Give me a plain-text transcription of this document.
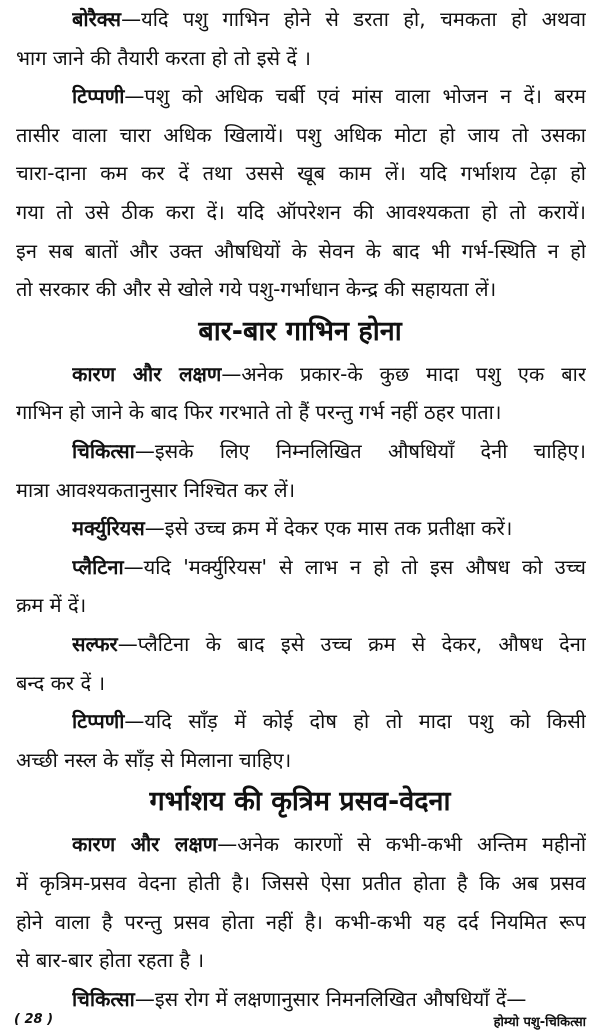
बोरैक्स—यदि पशु गाभिन होने से डरता हो, चमकता हो अथवा
भाग जाने की तैयारी करता हो तो इसे दें ।
टिप्पणी—पशु को अधिक चर्बी एवं मांस वाला भोजन न दें। बरम
तासीर वाला चारा अधिक खिलायें। पशु अधिक मोटा हो जाय तो उसका
चारा-दाना कम कर दें तथा उससे खूब काम लें। यदि गर्भाशय टेढ़ा हो
गया तो उसे ठीक करा दें। यदि ऑपरेशन की आवश्यकता हो तो करायें।
इन सब बातों और उक्त औषधियों के सेवन के बाद भी गर्भ-स्थिति न हो
तो सरकार की और से खोले गये पशु-गर्भाधान केन्द्र की सहायता लें।
बार-बार गाभिन होना
कारण और लक्षण—अनेक प्रकार-के कुछ मादा पशु एक बार
गाभिन हो जाने के बाद फिर गरभाते तो हैं परन्तु गर्भ नहीं ठहर पाता।
चिकित्सा—इसके लिए निम्नलिखित औषधियाँ देनी चाहिए।
मात्रा आवश्यकतानुसार निश्चित कर लें।
मर्क्युरियस—इसे उच्च क्रम में देकर एक मास तक प्रतीक्षा करें।
प्लैटिना—यदि 'मर्क्युरियस' से लाभ न हो तो इस औषध को उच्च
क्रम में दें।
सल्फर—प्लैटिना के बाद इसे उच्च क्रम से देकर, औषध देना
बन्द कर दें ।
टिप्पणी—यदि साँड़ में कोई दोष हो तो मादा पशु को किसी
अच्छी नस्ल के साँड़ से मिलाना चाहिए।
गर्भाशय की कृत्रिम प्रसव-वेदना
कारण और लक्षण—अनेक कारणों से कभी-कभी अन्तिम महीनों
में कृत्रिम-प्रसव वेदना होती है। जिससे ऐसा प्रतीत होता है कि अब प्रसव
होने वाला है परन्तु प्रसव होता नहीं है। कभी-कभी यह दर्द नियमित रूप
से बार-बार होता रहता है ।
चिकित्सा—इस रोग में लक्षणानुसार निमनलिखित औषधियाँ दें—
( 28 )	होम्यो पशु-चिकित्सा
